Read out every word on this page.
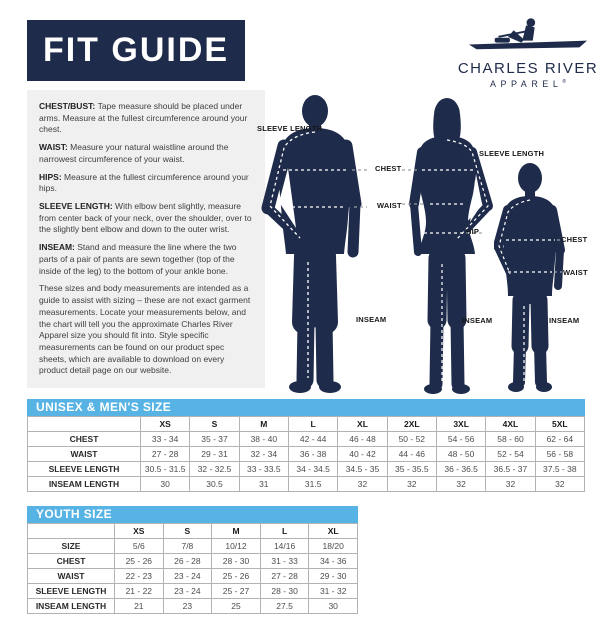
FIT GUIDE	CHARLES RIVER
APPAREL®

CHEST/BUST: Tape measure should be placed under arms. Measure at the fullest circumference around your chest.

WAIST: Measure your natural waistline around the narrowest circumference of your waist.

HIPS: Measure at the fullest circumference around your hips.

SLEEVE LENGTH: With elbow bent slightly, measure from center back of your neck, over the shoulder, over to the slightly bent elbow and down to the outer wrist.

INSEAM: Stand and measure the line where the two parts of a pair of pants are sewn together (top of the inside of the leg) to the bottom of your ankle bone.

These sizes and body measurements are intended as a guide to assist with sizing – these are not exact garment measurements. Locate your measurements below, and the chart will tell you the approximate Charles River Apparel size you should fit into. Style specific measurements can be found on our product spec sheets, which are available to download on every product detail page on our website.

SLEEVE LENGTH
CHEST
WAIST
INSEAM
SLEEVE LENGTH
HIP
INSEAM
CHEST
WAIST
INSEAM
UNISEX & MEN'S SIZE
	XS	S	M	L	XL	2XL	3XL	4XL	5XL
CHEST	33 - 34	35 - 37	38 - 40	42 - 44	46 - 48	50 - 52	54 - 56	58 - 60	62 - 64
WAIST	27 - 28	29 - 31	32 - 34	36 - 38	40 - 42	44 - 46	48 - 50	52 - 54	56 - 58
SLEEVE LENGTH	30.5 - 31.5	32 - 32.5	33 - 33.5	34 - 34.5	34.5 - 35	35 - 35.5	36 - 36.5	36.5 - 37	37.5 - 38
INSEAM LENGTH	30	30.5	31	31.5	32	32	32	32	32
YOUTH SIZE
	XS	S	M	L	XL
SIZE	5/6	7/8	10/12	14/16	18/20
CHEST	25 - 26	26 - 28	28 - 30	31 - 33	34 - 36
WAIST	22 - 23	23 - 24	25 - 26	27 - 28	29 - 30
SLEEVE LENGTH	21 - 22	23 - 24	25 - 27	28 - 30	31 - 32
INSEAM LENGTH	21	23	25	27.5	30
